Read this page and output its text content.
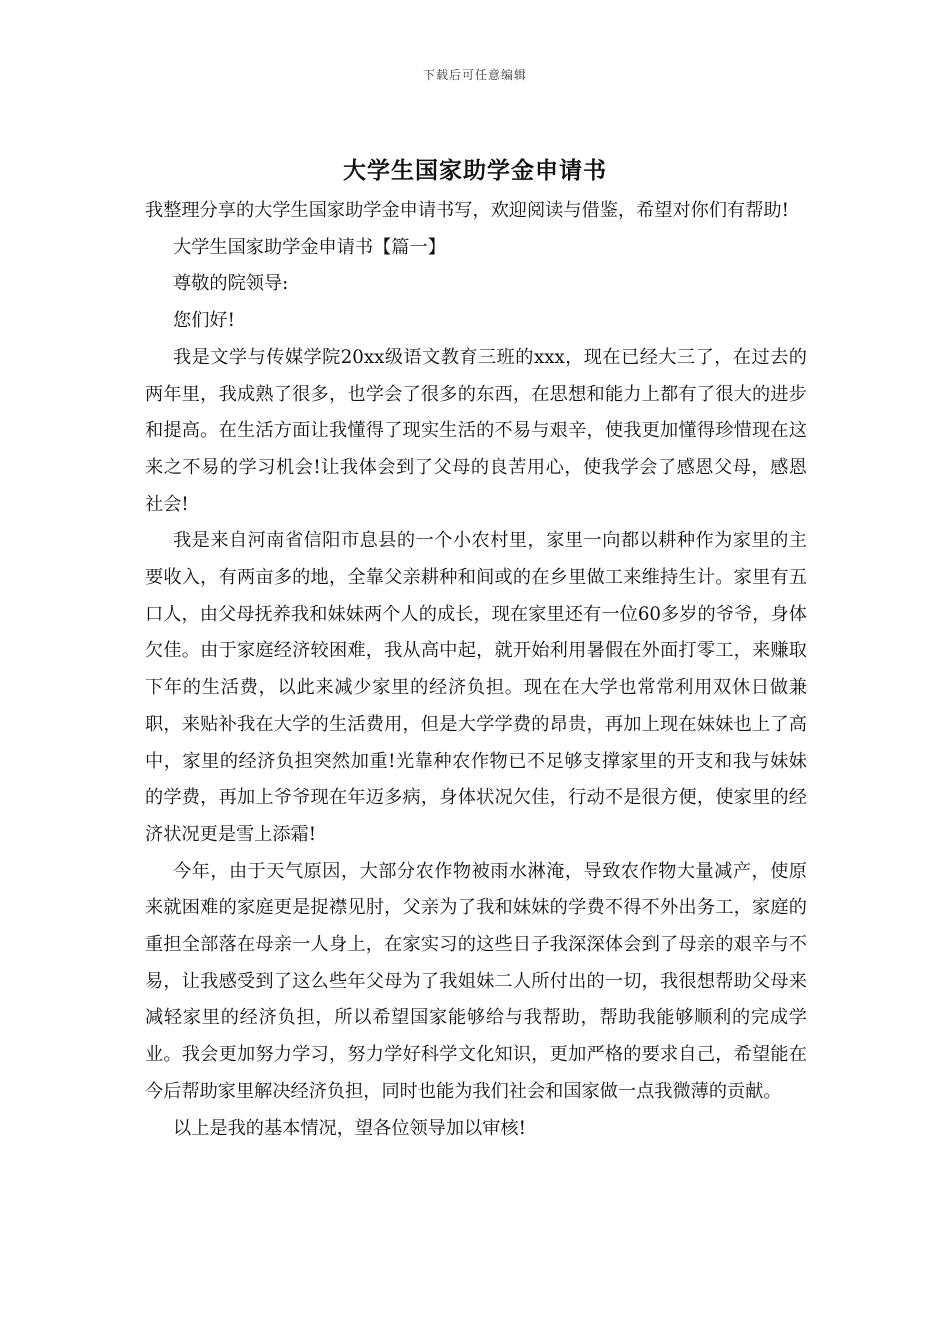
下载后可任意编辑
大学生国家助学金申请书

我整理分享的大学生国家助学金申请书写，欢迎阅读与借鉴，希望对你们有帮助!

大学生国家助学金申请书【篇一】

尊敬的院领导:

您们好!

我是文学与传媒学院20xx级语文教育三班的xxx，现在已经大三了，在过去的两年里，我成熟了很多，也学会了很多的东西，在思想和能力上都有了很大的进步和提高。在生活方面让我懂得了现实生活的不易与艰辛，使我更加懂得珍惜现在这来之不易的学习机会!让我体会到了父母的良苦用心，使我学会了感恩父母，感恩社会!

我是来自河南省信阳市息县的一个小农村里，家里一向都以耕种作为家里的主要收入，有两亩多的地，全靠父亲耕种和间或的在乡里做工来维持生计。家里有五口人，由父母抚养我和妹妹两个人的成长，现在家里还有一位60多岁的爷爷，身体欠佳。由于家庭经济较困难，我从高中起，就开始利用暑假在外面打零工，来赚取下年的生活费，以此来减少家里的经济负担。现在在大学也常常利用双休日做兼职，来贴补我在大学的生活费用，但是大学学费的昂贵，再加上现在妹妹也上了高中，家里的经济负担突然加重!光靠种农作物已不足够支撑家里的开支和我与妹妹的学费，再加上爷爷现在年迈多病，身体状况欠佳，行动不是很方便，使家里的经济状况更是雪上添霜!

今年，由于天气原因，大部分农作物被雨水淋淹，导致农作物大量减产，使原来就困难的家庭更是捉襟见肘，父亲为了我和妹妹的学费不得不外出务工，家庭的重担全部落在母亲一人身上，在家实习的这些日子我深深体会到了母亲的艰辛与不易，让我感受到了这么些年父母为了我姐妹二人所付出的一切，我很想帮助父母来减轻家里的经济负担，所以希望国家能够给与我帮助，帮助我能够顺利的完成学业。我会更加努力学习，努力学好科学文化知识，更加严格的要求自己，希望能在今后帮助家里解决经济负担，同时也能为我们社会和国家做一点我微薄的贡献。

以上是我的基本情况，望各位领导加以审核!
